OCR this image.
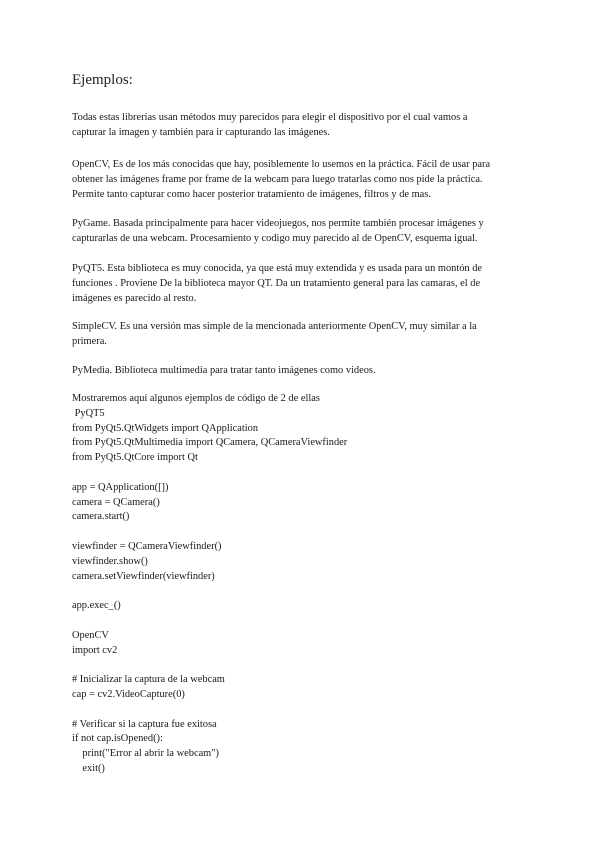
Ejemplos:
Todas estas librerías usan métodos muy parecidos para elegir el dispositivo por el cual vamos a
capturar la imagen y también para ir capturando las imágenes.
OpenCV, Es de los más conocidas que hay, posiblemente lo usemos en la práctica. Fácil de usar para
obtener las imágenes frame por frame de la webcam para luego tratarlas como nos pide la práctica.
Permite tanto capturar como hacer posterior tratamiento de imágenes, filtros y de mas.
PyGame. Basada principalmente para hacer videojuegos, nos permite también procesar imágenes y
capturarlas de una webcam. Procesamiento y codigo muy parecido al de OpenCV, esquema igual.
PyQT5. Esta biblioteca es muy conocida, ya que está muy extendida y es usada para un montón de
funciones . Proviene De la biblioteca mayor QT. Da un tratamiento general para las camaras, el de
imágenes es parecido al resto.
SimpleCV. Es una versión mas simple de la mencionada anteriormente OpenCV, muy similar a la
primera.
PyMedia. Biblioteca multimedia para tratar tanto imágenes como videos.
Mostraremos aquí algunos ejemplos de código de 2 de ellas
PyQT5
from PyQt5.QtWidgets import QApplication
from PyQt5.QtMultimedia import QCamera, QCameraViewfinder
from PyQt5.QtCore import Qt
app = QApplication([])
camera = QCamera()
camera.start()
viewfinder = QCameraViewfinder()
viewfinder.show()
camera.setViewfinder(viewfinder)
app.exec_()
OpenCV
import cv2
# Inicializar la captura de la webcam
cap = cv2.VideoCapture(0)
# Verificar si la captura fue exitosa
if not cap.isOpened():
print("Error al abrir la webcam")
exit()
